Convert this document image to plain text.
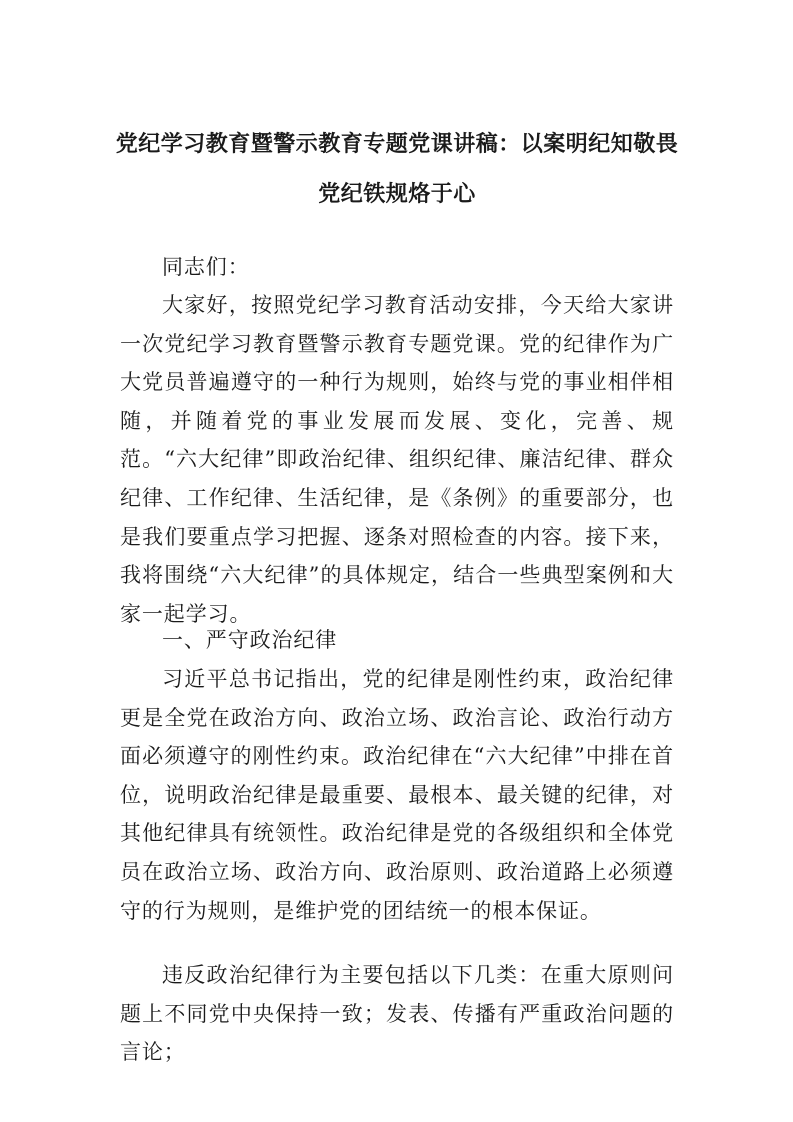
党纪学习教育暨警示教育专题党课讲稿：以案明纪知敬畏
党纪铁规烙于心

同志们：

大家好，按照党纪学习教育活动安排，今天给大家讲一次党纪学习教育暨警示教育专题党课。党的纪律作为广大党员普遍遵守的一种行为规则，始终与党的事业相伴相随，并随着党的事业发展而发展、变化，完善、规范。“六大纪律”即政治纪律、组织纪律、廉洁纪律、群众纪律、工作纪律、生活纪律，是《条例》的重要部分，也是我们要重点学习把握、逐条对照检查的内容。接下来，我将围绕“六大纪律”的具体规定，结合一些典型案例和大家一起学习。

一、严守政治纪律

习近平总书记指出，党的纪律是刚性约束，政治纪律更是全党在政治方向、政治立场、政治言论、政治行动方面必须遵守的刚性约束。政治纪律在“六大纪律”中排在首位，说明政治纪律是最重要、最根本、最关键的纪律，对其他纪律具有统领性。政治纪律是党的各级组织和全体党员在政治立场、政治方向、政治原则、政治道路上必须遵守的行为规则，是维护党的团结统一的根本保证。

违反政治纪律行为主要包括以下几类：在重大原则问题上不同党中央保持一致；发表、传播有严重政治问题的言论；
